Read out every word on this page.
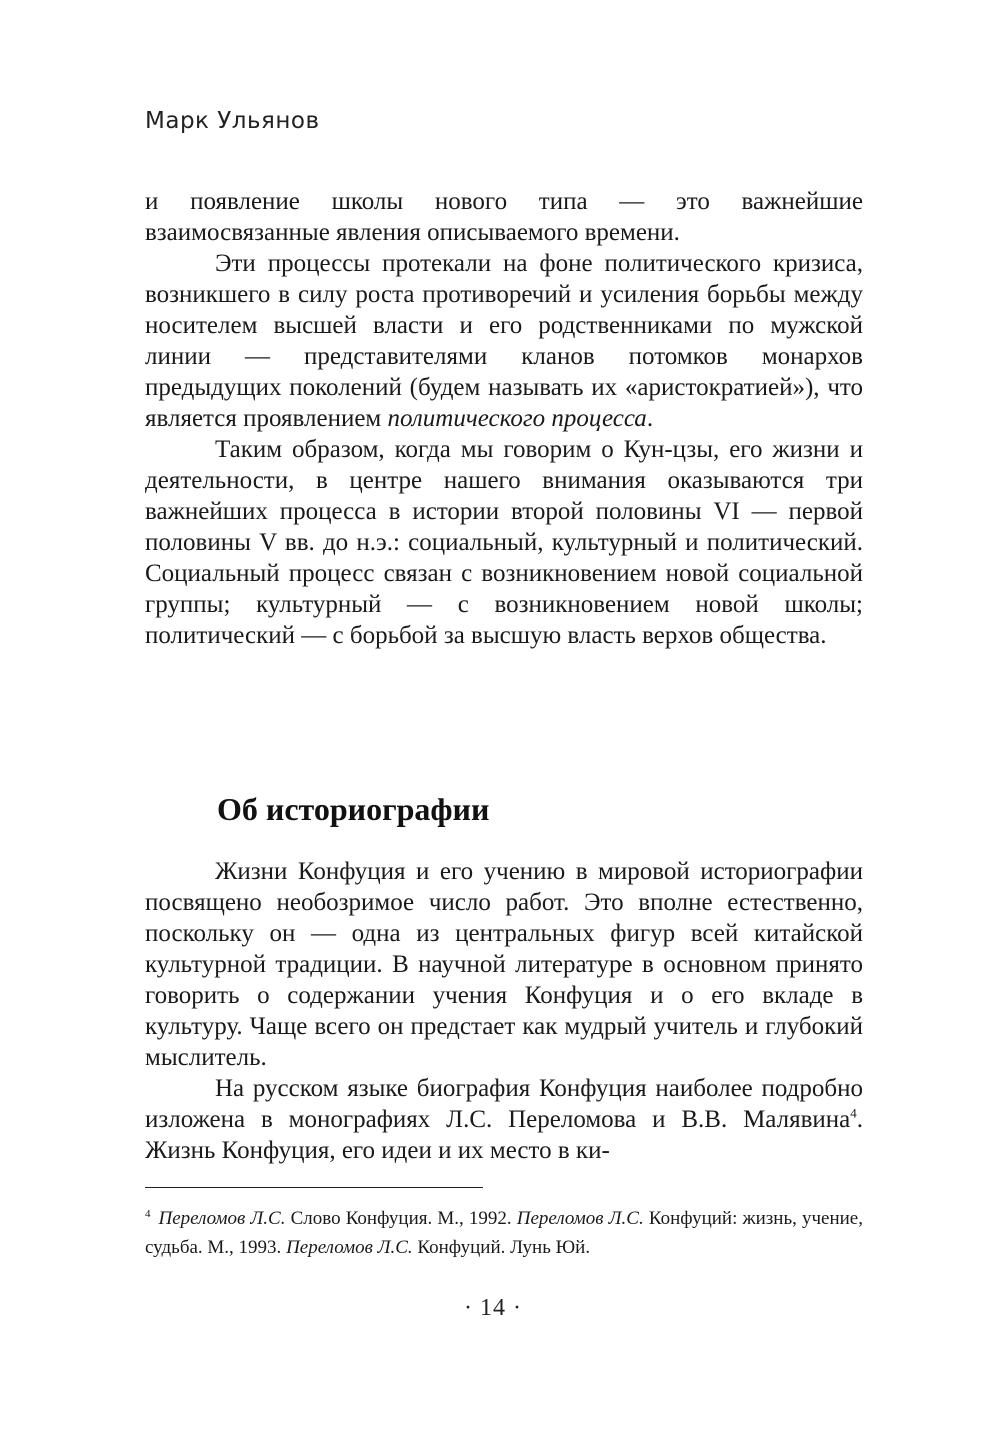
Марк Ульянов

и появление школы нового типа — это важнейшие взаимосвязанные явления описываемого времени.

Эти процессы протекали на фоне политического кризиса, возникшего в силу роста противоречий и усиления борьбы между носителем высшей власти и его родственниками по мужской линии — представителями кланов потомков монархов предыдущих поколений (будем называть их «аристократией»), что является проявлением политического процесса.

Таким образом, когда мы говорим о Кун-цзы, его жизни и деятельности, в центре нашего внимания оказываются три важнейших процесса в истории второй половины VI — первой половины V вв. до н.э.: социальный, культурный и политический. Социальный процесс связан с возникновением новой социальной группы; культурный — с возникновением новой школы; политический — с борьбой за высшую власть верхов общества.

Об историографии

Жизни Конфуция и его учению в мировой историографии посвящено необозримое число работ. Это вполне естественно, поскольку он — одна из центральных фигур всей китайской культурной традиции. В научной литературе в основном принято говорить о содержании учения Конфуция и о его вкладе в культуру. Чаще всего он предстает как мудрый учитель и глубокий мыслитель.

На русском языке биография Конфуция наиболее подробно изложена в монографиях Л.С. Переломова и В.В. Малявина$^4$. Жизнь Конфуция, его идеи и их место в ки-

$^4$ Переломов Л.С. Слово Конфуция. М., 1992. Переломов Л.С. Конфуций: жизнь, учение, судьба. М., 1993. Переломов Л.С. Конфуций. Лунь Юй.

· 14 ·
